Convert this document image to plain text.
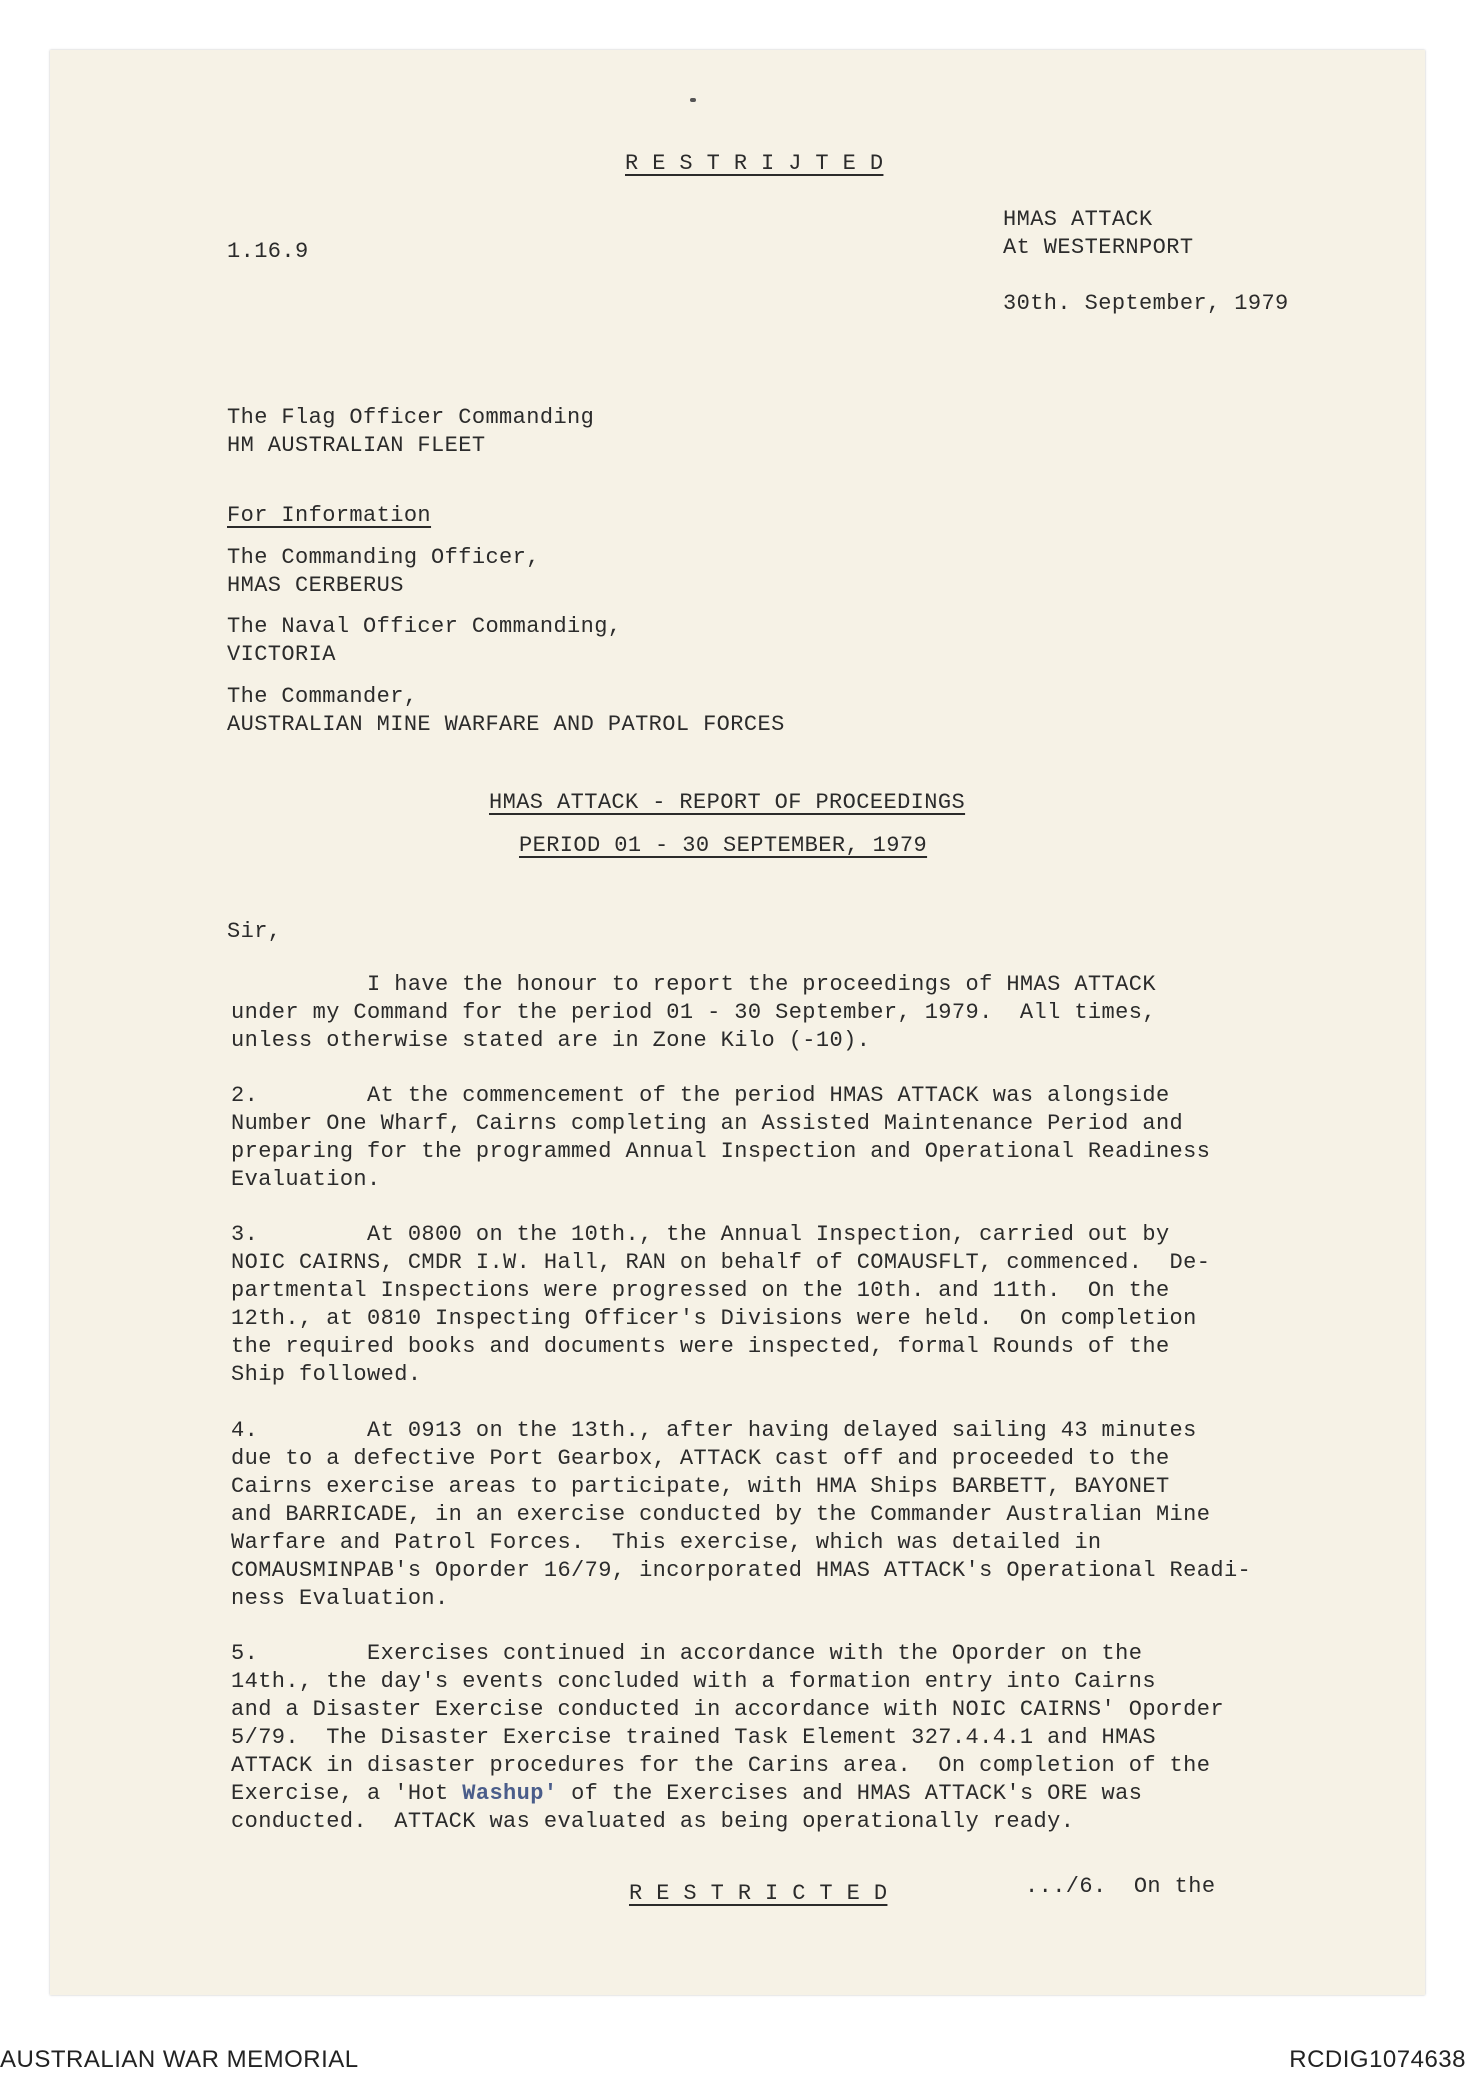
R E S T R I J T E D
HMAS ATTACK
1.16.9	At WESTERNPORT
30th. September, 1979
The Flag Officer Commanding
HM AUSTRALIAN FLEET
For Information
The Commanding Officer,
HMAS CERBERUS
The Naval Officer Commanding,
VICTORIA
The Commander,
AUSTRALIAN MINE WARFARE AND PATROL FORCES
HMAS ATTACK - REPORT OF PROCEEDINGS
PERIOD 01 - 30 SEPTEMBER, 1979
Sir,
I have the honour to report the proceedings of HMAS ATTACK
under my Command for the period 01 - 30 September, 1979.  All times,
unless otherwise stated are in Zone Kilo (-10).
2.        At the commencement of the period HMAS ATTACK was alongside
Number One Wharf, Cairns completing an Assisted Maintenance Period and
preparing for the programmed Annual Inspection and Operational Readiness
Evaluation.
3.        At 0800 on the 10th., the Annual Inspection, carried out by
NOIC CAIRNS, CMDR I.W. Hall, RAN on behalf of COMAUSFLT, commenced.  De-
partmental Inspections were progressed on the 10th. and 11th.  On the
12th., at 0810 Inspecting Officer's Divisions were held.  On completion
the required books and documents were inspected, formal Rounds of the
Ship followed.
4.        At 0913 on the 13th., after having delayed sailing 43 minutes
due to a defective Port Gearbox, ATTACK cast off and proceeded to the
Cairns exercise areas to participate, with HMA Ships BARBETT, BAYONET
and BARRICADE, in an exercise conducted by the Commander Australian Mine
Warfare and Patrol Forces.  This exercise, which was detailed in
COMAUSMINPAB's Oporder 16/79, incorporated HMAS ATTACK's Operational Readi-
ness Evaluation.
5.        Exercises continued in accordance with the Oporder on the
14th., the day's events concluded with a formation entry into Cairns
and a Disaster Exercise conducted in accordance with NOIC CAIRNS' Oporder
5/79.  The Disaster Exercise trained Task Element 327.4.4.1 and HMAS
ATTACK in disaster procedures for the Carins area.  On completion of the
Exercise, a 'Hot Washup' of the Exercises and HMAS ATTACK's ORE was
conducted.  ATTACK was evaluated as being operationally ready.
R E S T R I C T E D	.../6.  On the
AUSTRALIAN WAR MEMORIAL	RCDIG1074638
